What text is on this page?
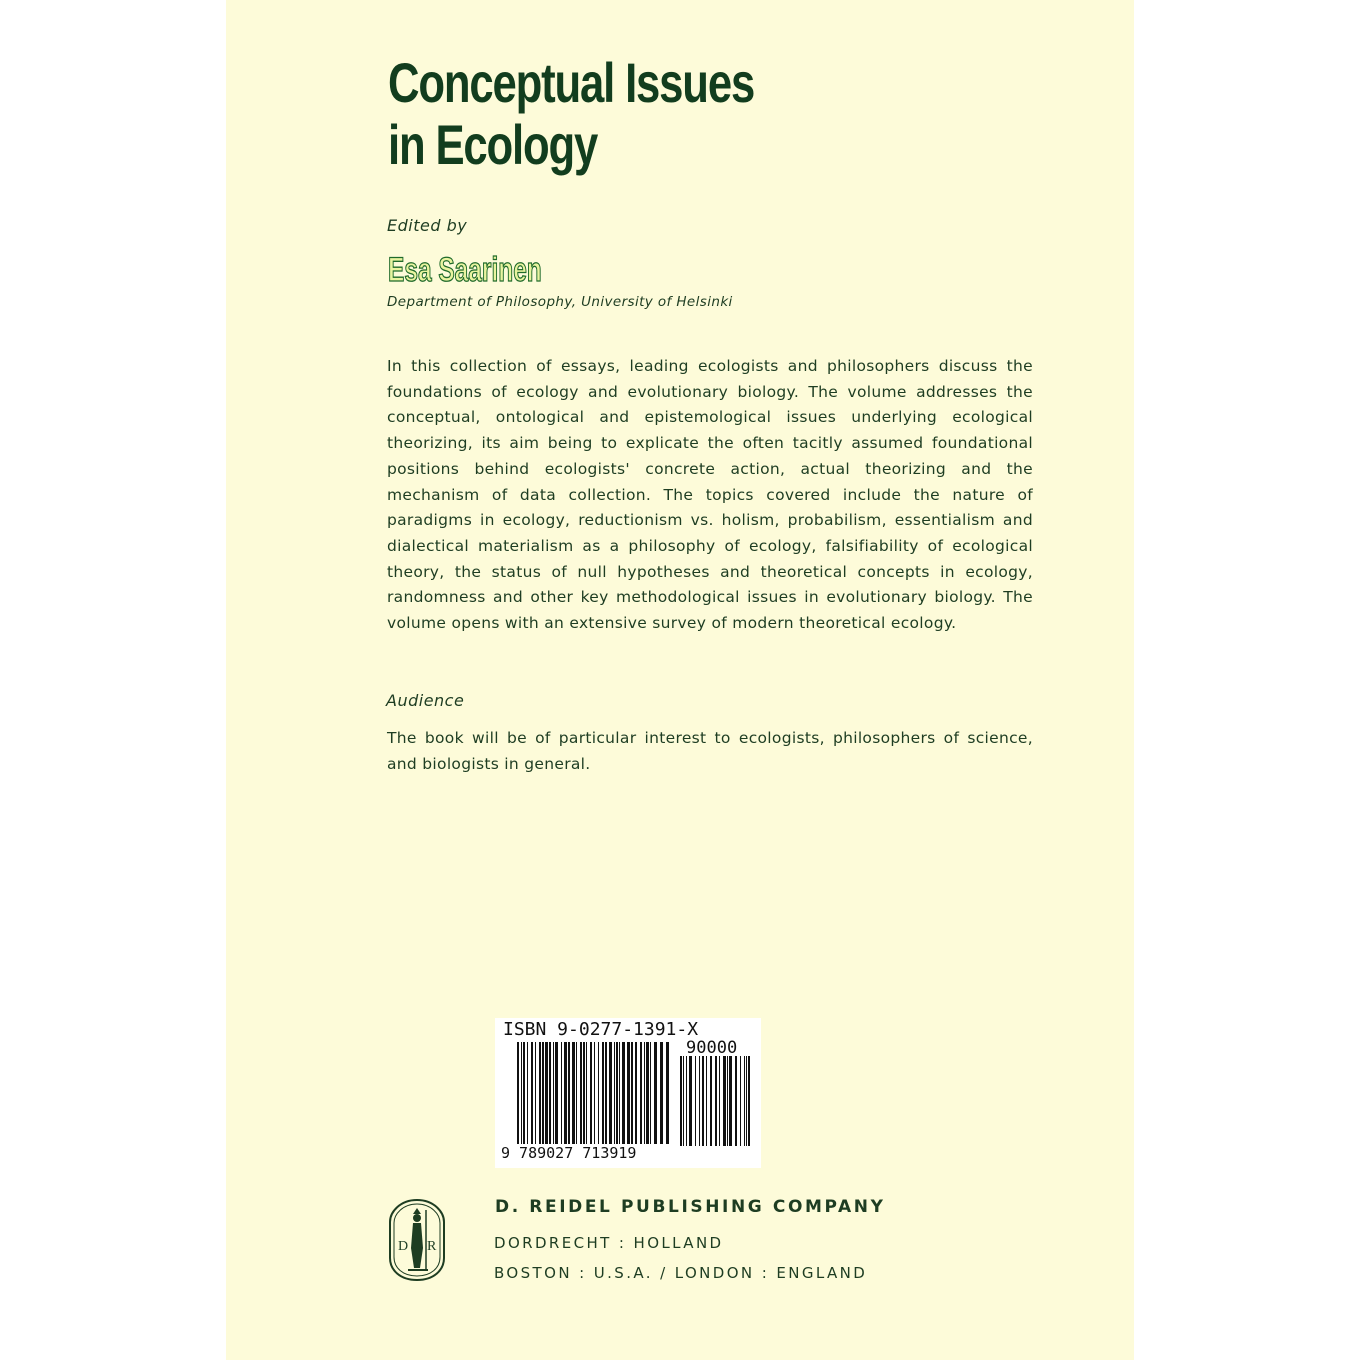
Conceptual Issues
in Ecology
Edited by
Esa Saarinen
Department of Philosophy, University of Helsinki

In this collection of essays, leading ecologists and philosophers discuss the foundations of ecology and evolutionary biology. The volume addresses the conceptual, ontological and epistemological issues underlying ecological theorizing, its aim being to explicate the often tacitly assumed foundational positions behind ecologists' concrete action, actual theorizing and the mechanism of data collection. The topics covered include the nature of paradigms in ecology, reductionism vs. holism, probabilism, essentialism and dialectical materialism as a philosophy of ecology, falsifiability of ecological theory, the status of null hypotheses and theoretical concepts in ecology, randomness and other key methodological issues in evolutionary biology. The volume opens with an extensive survey of modern theoretical ecology.

Audience

The book will be of particular interest to ecologists, philosophers of science, and biologists in general.

ISBN 9-0277-1391-X
90000
9 789027 713919
D R
D. REIDEL PUBLISHING COMPANY
DORDRECHT : HOLLAND
BOSTON : U.S.A. / LONDON : ENGLAND
